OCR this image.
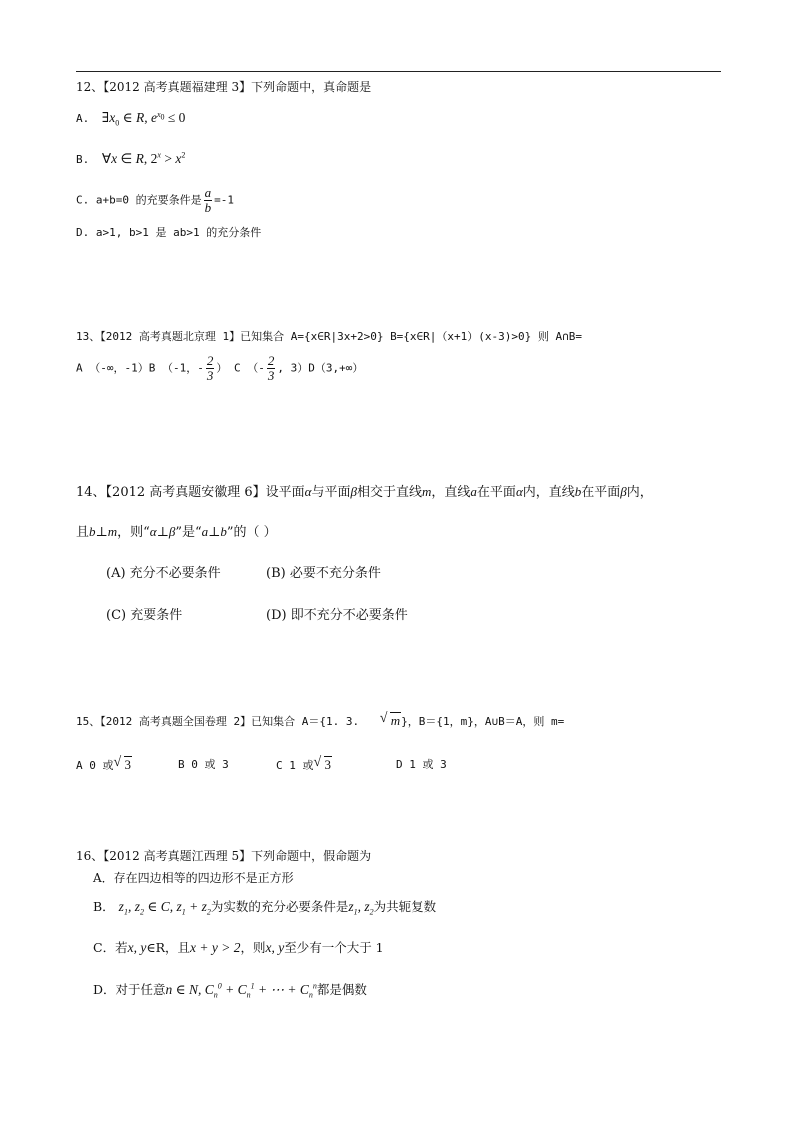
12、【2012 高考真题福建理 3】下列命题中，真命题是
A. $\exists x_0$ ∈ R, $e^{x_0} \le 0$
B. ∀x ∈ R, $2^x > x^2$
C. a+b=0 的充要条件是 $\frac{a}{b} =-1$
D. a>1, b>1 是 ab>1 的充分条件
13、【2012 高考真题北京理 1】已知集合 A={x∈R|3x+2>0} B={x∈R|（x+1）(x-3)>0} 则 A∩B=
A （-∞，-1）B （-1，- $\frac{2}{3}$ ） C （- $\frac{2}{3}$ , 3）D（3,+∞）
14、【2012 高考真题安徽理 6】设平面α与平面β相交于直线m，直线a在平面α内，直线b在平面β内，
且b⊥m，则“α⊥β”是“a⊥b”的（ ）
(A) 充分不必要条件	(B) 必要不充分条件
(C) 充要条件	(D) 即不充分不必要条件
15、【2012 高考真题全国卷理 2】已知集合 A＝{1. 3. √ m}，B＝{1，m}，A∪B＝A，则 m=
A 0 或 √ 3	B 0 或 3	C 1 或 √ 3	D 1 或 3
16、【2012 高考真题江西理 5】下列命题中，假命题为
A．存在四边相等的四边形不是正方形
B． $z_1$, $z_2$ ∈ C, $z_1 + z_2$为实数的充分必要条件是$z_1$, $z_2$为共轭复数
C．若x, y∈R，且x + y > 2，则x, y至少有一个大于 1
D．对于任意n ∈ N, $C_n^0 + C_n^1$ + ⋯ + $C_n^n$都是偶数
